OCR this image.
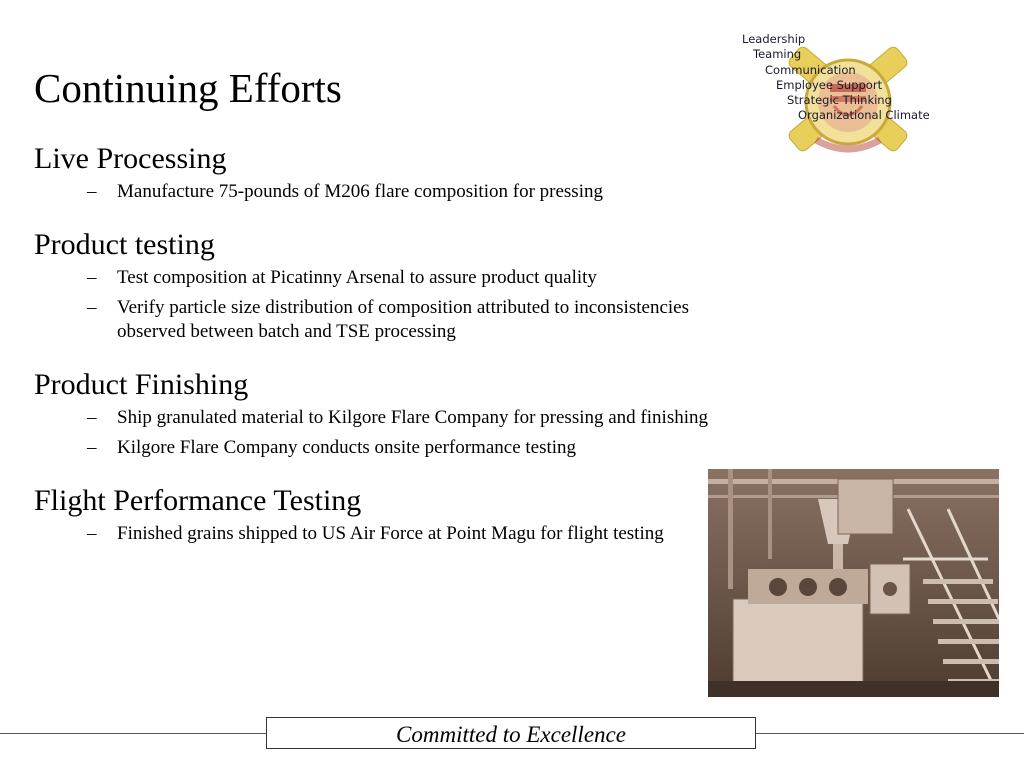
Continuing Efforts
Live Processing
– Manufacture 75-pounds of M206 flare composition for pressing
Product testing
– Test composition at Picatinny Arsenal to assure product quality
– Verify particle size distribution of composition attributed to inconsistencies observed between batch and TSE processing
Product Finishing
– Ship granulated material to Kilgore Flare Company for pressing and finishing
– Kilgore Flare Company conducts onsite performance testing
Flight Performance Testing
– Finished grains shipped to US Air Force at Point Magu for flight testing
Leadership
Teaming
Communication
Employee Support
Strategic Thinking
Organizational Climate
Committed to Excellence
